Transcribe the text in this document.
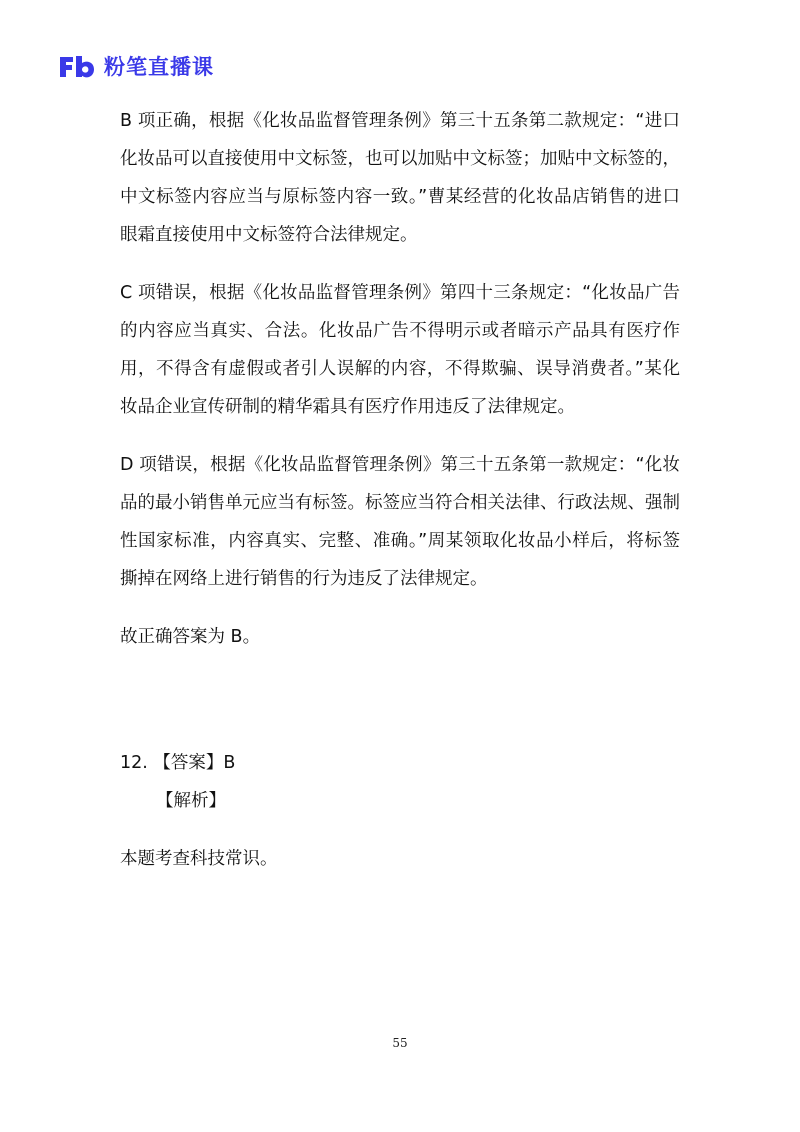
粉笔直播课

B 项正确，根据《化妆品监督管理条例》第三十五条第二款规定：“进口化妆品可以直接使用中文标签，也可以加贴中文标签；加贴中文标签的，中文标签内容应当与原标签内容一致。”曹某经营的化妆品店销售的进口眼霜直接使用中文标签符合法律规定。

C 项错误，根据《化妆品监督管理条例》第四十三条规定：“化妆品广告的内容应当真实、合法。化妆品广告不得明示或者暗示产品具有医疗作用，不得含有虚假或者引人误解的内容，不得欺骗、误导消费者。”某化妆品企业宣传研制的精华霜具有医疗作用违反了法律规定。

D 项错误，根据《化妆品监督管理条例》第三十五条第一款规定：“化妆品的最小销售单元应当有标签。标签应当符合相关法律、行政法规、强制性国家标准，内容真实、完整、准确。”周某领取化妆品小样后，将标签撕掉在网络上进行销售的行为违反了法律规定。

故正确答案为 B。

12. 【答案】B

【解析】

本题考查科技常识。

55
